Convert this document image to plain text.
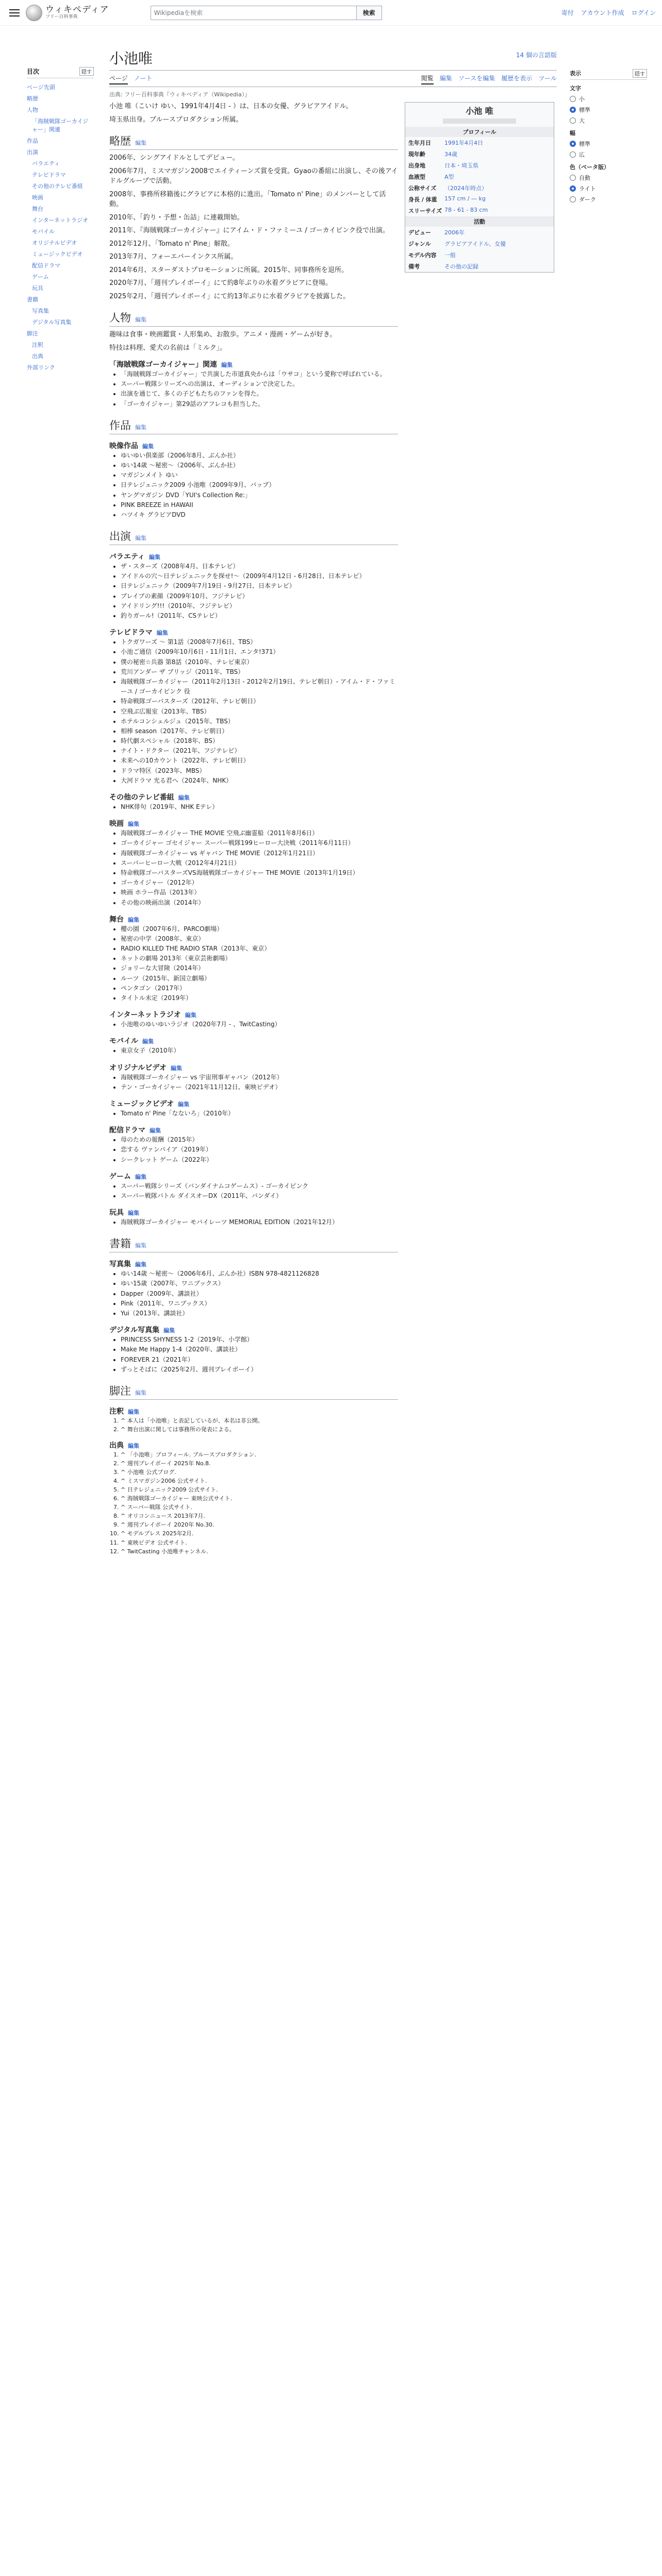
ウィキペディア
フリー百科事典
Wikipediaを検索	検索	寄付 アカウント作成 ログイン
目次	隠す
ページ先頭
略歴
人物
「海賊戦隊ゴーカイジャー」関連
作品
出演
バラエティ
テレビドラマ
その他のテレビ番組
映画
舞台
インターネットラジオ
モバイル
オリジナルビデオ
ミュージックビデオ
配信ドラマ
ゲーム
玩具
書籍
写真集
デジタル写真集
脚注
注釈
出典
外部リンク
小池唯	14 個の言語版
ページ ノート	閲覧 編集 ソースを編集 履歴を表示 ツール
出典: フリー百科事典『ウィキペディア（Wikipedia）』

小池 唯（こいけ ゆい、1991年4月4日 - ）は、日本の女優、グラビアアイドル。

埼玉県出身。ブルースプロダクション所属。

略歴 編集

2006年、シングアイドルとしてデビュー。

2006年7月、ミスマガジン2008でエイティーンズ賞を受賞。Gyaoの番組に出演し、その後アイドルグループで活動。

2008年、事務所移籍後にグラビアに本格的に進出。「Tomato n' Pine」のメンバーとして活動。

2010年、「釣り・予想・缶詰」に連載開始。

2011年、『海賊戦隊ゴーカイジャー』にアイム・ド・ファミーユ / ゴーカイピンク役で出演。

2012年12月、「Tomato n' Pine」解散。

2013年7月、フォーエバーインクス所属。

2014年6月、スターダストプロモーションに所属。2015年、同事務所を退所。

2020年7月、「週刊プレイボーイ」にて約8年ぶりの水着グラビアに登場。

2025年2月、「週刊プレイボーイ」にて約13年ぶりに水着グラビアを披露した。

人物 編集

趣味は食事・映画鑑賞・人形集め、お散歩。アニメ・漫画・ゲームが好き。

特技は料理、愛犬の名前は「ミルク」。

「海賊戦隊ゴーカイジャー」関連 編集
• 「海賊戦隊ゴーカイジャー」で共演した市道真央からは「ウサコ」という愛称で呼ばれている。
• スーパー戦隊シリーズへの出演は、オーディションで決定した。
• 出演を通じて、多くの子どもたちのファンを得た。
• 「ゴーカイジャー」第29話のアフレコも担当した。
作品 編集
映像作品 編集
• ゆいゆい倶楽部（2006年8月、ぶんか社）
• ゆい14歳 〜秘密〜（2006年、ぶんか社）
• マガジンメイト ゆい
• 日テレジェニック2009 小池唯（2009年9月、バップ）
• ヤングマガジン DVD「YUI's Collection Re:」
• PINK BREEZE in HAWAII
• ハツイキ グラビアDVD
出演 編集
バラエティ 編集
• ザ・スターズ（2008年4月、日本テレビ）
• アイドルの穴〜日テレジェニックを探せ!〜（2009年4月12日 - 6月28日、日本テレビ）
• 日テレジェニック（2009年7月19日 - 9月27日、日本テレビ）
• ブレイブの素顔（2009年10月、フジテレビ）
• アイドリング!!!（2010年、フジテレビ）
• 釣りガール!（2011年、CSテレビ）
テレビドラマ 編集
• トクガワーズ 〜 第1話（2008年7月6日、TBS）
• 小池ご通信（2009年10月6日 - 11月1日、エンタ!371）
• 僕の秘密☆兵器 第8話（2010年、テレビ東京）
• 荒川アンダー ザ ブリッジ（2011年、TBS）
• 海賊戦隊ゴーカイジャー（2011年2月13日 - 2012年2月19日、テレビ朝日）- アイム・ド・ファミーユ / ゴーカイピンク 役
• 特命戦隊ゴーバスターズ（2012年、テレビ朝日）
• 空飛ぶ広報室（2013年、TBS）
• ホテルコンシェルジュ（2015年、TBS）
• 相棒 season（2017年、テレビ朝日）
• 時代劇スペシャル（2018年、BS）
• ナイト・ドクター（2021年、フジテレビ）
• 未来への10カウント（2022年、テレビ朝日）
• ドラマ特区（2023年、MBS）
• 大河ドラマ 光る君へ（2024年、NHK）
その他のテレビ番組 編集
• NHK俳句（2019年、NHK Eテレ）
映画 編集
• 海賊戦隊ゴーカイジャー THE MOVIE 空飛ぶ幽霊船（2011年8月6日）
• ゴーカイジャー ゴセイジャー スーパー戦隊199ヒーロー大決戦（2011年6月11日）
• 海賊戦隊ゴーカイジャー vs ギャバン THE MOVIE（2012年1月21日）
• スーパーヒーロー大戦（2012年4月21日）
• 特命戦隊ゴーバスターズVS海賊戦隊ゴーカイジャー THE MOVIE（2013年1月19日）
• ゴーカイジャー（2012年）
• 映画 ホラー作品（2013年）
• その他の映画出演（2014年）
舞台 編集
• 櫻の園（2007年6月、PARCO劇場）
• 秘密の中学（2008年、東京）
• RADIO KILLED THE RADIO STAR（2013年、東京）
• ネットの劇場 2013年（東京芸術劇場）
• ジョリーな大冒険（2014年）
• ルーツ（2015年、新国立劇場）
• ペンタゴン（2017年）
• タイトル未定（2019年）
インターネットラジオ 編集
• 小池唯のゆいゆいラジオ（2020年7月 - 、TwitCasting）
モバイル 編集
• 東京女子（2010年）
オリジナルビデオ 編集
• 海賊戦隊ゴーカイジャー vs 宇宙刑事ギャバン（2012年）
• テン・ゴーカイジャー（2021年11月12日、東映ビデオ）
ミュージックビデオ 編集
• Tomato n' Pine「なないろ」（2010年）
配信ドラマ 編集
• 母のための報酬（2015年）
• 恋する ヴァンパイア（2019年）
• シークレット ゲーム（2022年）
ゲーム 編集
• スーパー戦隊シリーズ（バンダイナムコゲームス）- ゴーカイピンク
• スーパー戦隊バトル ダイスオーDX（2011年、バンダイ）
玩具 編集
• 海賊戦隊ゴーカイジャー モバイレーツ MEMORIAL EDITION（2021年12月）
書籍 編集
写真集 編集
• ゆい14歳 〜秘密〜（2006年6月、ぶんか社）ISBN 978-4821126828
• ゆい15歳（2007年、ワニブックス）
• Dapper（2009年、講談社）
• Pink（2011年、ワニブックス）
• Yui（2013年、講談社）
デジタル写真集 編集
• PRINCESS SHYNESS 1-2（2019年、小学館）
• Make Me Happy 1-4（2020年、講談社）
• FOREVER 21（2021年）
• ずっとそばに（2025年2月、週刊プレイボーイ）
脚注 編集
注釈 編集
1. ^ 本人は「小池唯」と表記しているが、本名は非公開。
2. ^ 舞台出演に関しては事務所の発表による。
出典 編集
1. ^ 「小池唯」プロフィール. ブルースプロダクション.
2. ^ 週刊プレイボーイ 2025年 No.8.
3. ^ 小池唯 公式ブログ.
4. ^ ミスマガジン2006 公式サイト.
5. ^ 日テレジェニック2009 公式サイト.
6. ^ 海賊戦隊ゴーカイジャー 東映公式サイト.
7. ^ スーパー戦隊 公式サイト.
8. ^ オリコンニュース 2013年7月.
9. ^ 週刊プレイボーイ 2020年 No.30.
10. ^ モデルプレス 2025年2月.
11. ^ 東映ビデオ 公式サイト.
12. ^ TwitCasting 小池唯チャンネル.
小池 唯
プロフィール
生年月日	1991年4月4日
現年齢	34歳
出身地	日本・埼玉県
血液型	A型
公称サイズ	（2024年時点）
身長 / 体重	157 cm / ― kg
スリーサイズ 78 - 61 - 83 cm
活動
デビュー	2006年
ジャンル	グラビアアイドル、女優
モデル内容	一般
備考	その他の記録
表示	隠す
文字
小
標準
大
幅
標準
広
色（ベータ版）
自動
ライト
ダーク
